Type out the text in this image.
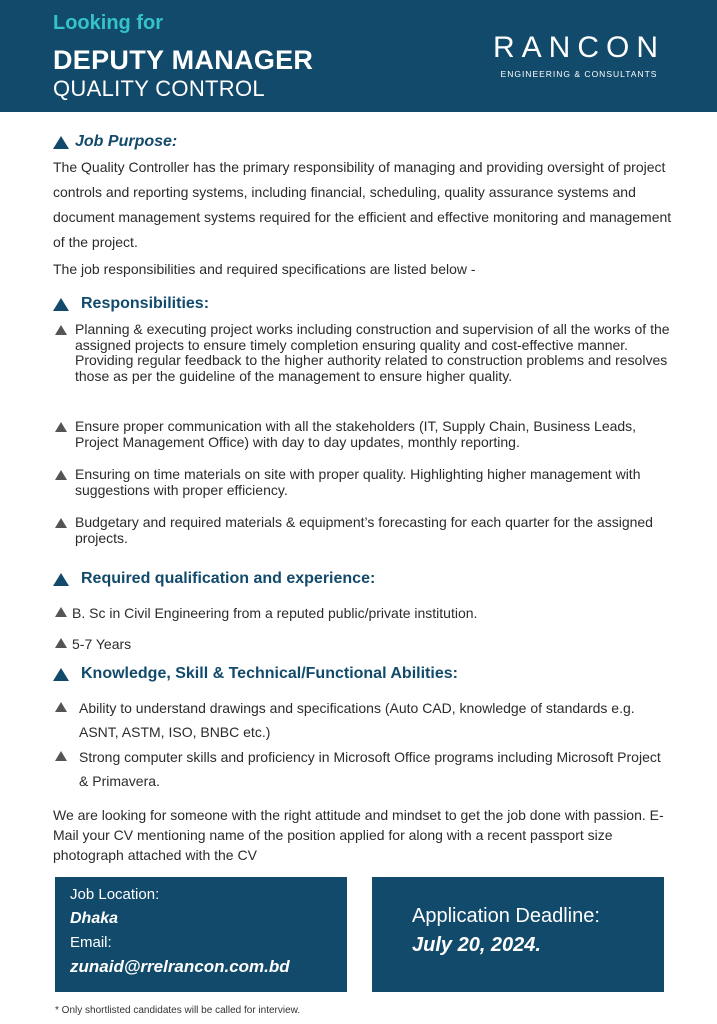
Looking for
DEPUTY MANAGER
QUALITY CONTROL
RANCON
ENGINEERING & CONSULTANTS
Job Purpose:
The Quality Controller has the primary responsibility of managing and providing oversight of project controls and reporting systems, including financial, scheduling, quality assurance systems and document management systems required for the efficient and effective monitoring and management of the project.
The job responsibilities and required specifications are listed below -
Responsibilities:
Planning & executing project works including construction and supervision of all the works of the assigned projects to ensure timely completion ensuring quality and cost-effective manner. Providing regular feedback to the higher authority related to construction problems and resolves those as per the guideline of the management to ensure higher quality.
Ensure proper communication with all the stakeholders (IT, Supply Chain, Business Leads, Project Management Office) with day to day updates, monthly reporting.
Ensuring on time materials on site with proper quality. Highlighting higher management with suggestions with proper efficiency.
Budgetary and required materials & equipment’s forecasting for each quarter for the assigned projects.
Required qualification and experience:
B. Sc in Civil Engineering from a reputed public/private institution.
5-7 Years
Knowledge, Skill & Technical/Functional Abilities:
Ability to understand drawings and specifications (Auto CAD, knowledge of standards e.g. ASNT, ASTM, ISO, BNBC etc.)
Strong computer skills and proficiency in Microsoft Office programs including Microsoft Project & Primavera.
We are looking for someone with the right attitude and mindset to get the job done with passion. E-Mail your CV mentioning name of the position applied for along with a recent passport size photograph attached with the CV
Job Location:
Dhaka
Email:
zunaid@rrelrancon.com.bd
Application Deadline:
July 20, 2024.
* Only shortlisted candidates will be called for interview.
